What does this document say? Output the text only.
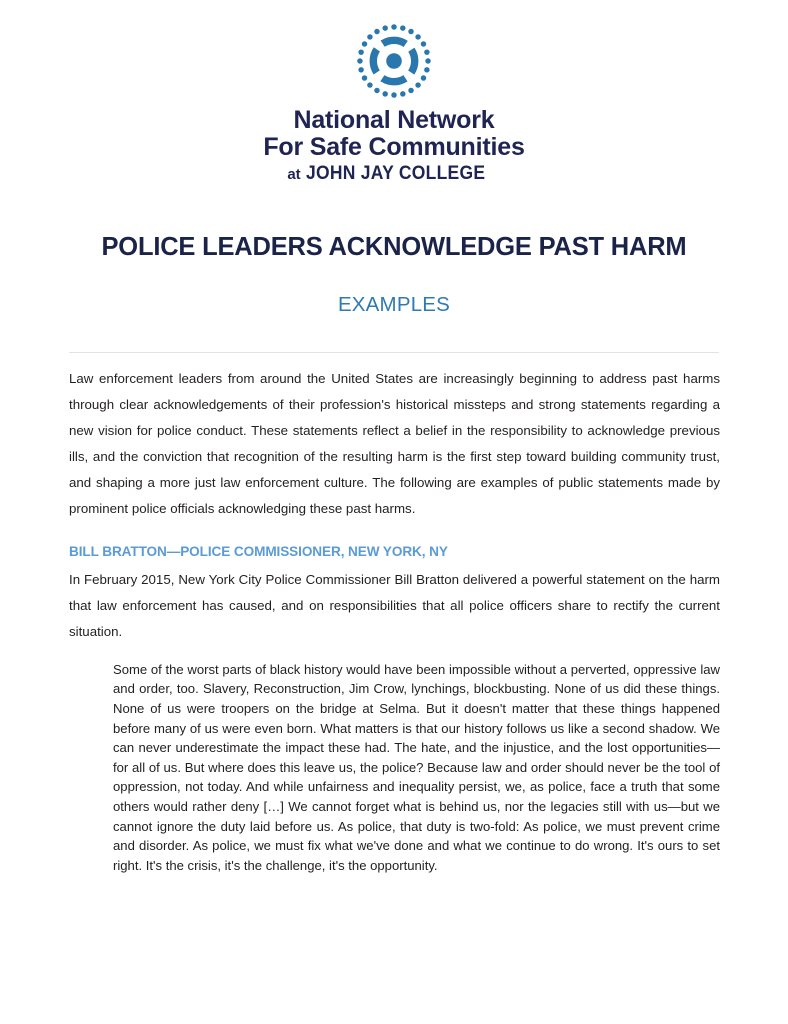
National Network
For Safe Communities
at JOHN JAY COLLEGE
POLICE LEADERS ACKNOWLEDGE PAST HARM
EXAMPLES

Law enforcement leaders from around the United States are increasingly beginning to address past harms through clear acknowledgements of their profession's historical missteps and strong statements regarding a new vision for police conduct. These statements reflect a belief in the responsibility to acknowledge previous ills, and the conviction that recognition of the resulting harm is the first step toward building community trust, and shaping a more just law enforcement culture. The following are examples of public statements made by prominent police officials acknowledging these past harms.

BILL BRATTON—POLICE COMMISSIONER, NEW YORK, NY

In February 2015, New York City Police Commissioner Bill Bratton delivered a powerful statement on the harm that law enforcement has caused, and on responsibilities that all police officers share to rectify the current situation.

Some of the worst parts of black history would have been impossible without a perverted, oppressive law and order, too. Slavery, Reconstruction, Jim Crow, lynchings, blockbusting. None of us did these things. None of us were troopers on the bridge at Selma. But it doesn't matter that these things happened before many of us were even born. What matters is that our history follows us like a second shadow. We can never underestimate the impact these had. The hate, and the injustice, and the lost opportunities—for all of us. But where does this leave us, the police? Because law and order should never be the tool of oppression, not today. And while unfairness and inequality persist, we, as police, face a truth that some others would rather deny […] We cannot forget what is behind us, nor the legacies still with us—but we cannot ignore the duty laid before us. As police, that duty is two-fold: As police, we must prevent crime and disorder. As police, we must fix what we've done and what we continue to do wrong. It's ours to set right. It's the crisis, it's the challenge, it's the opportunity.
